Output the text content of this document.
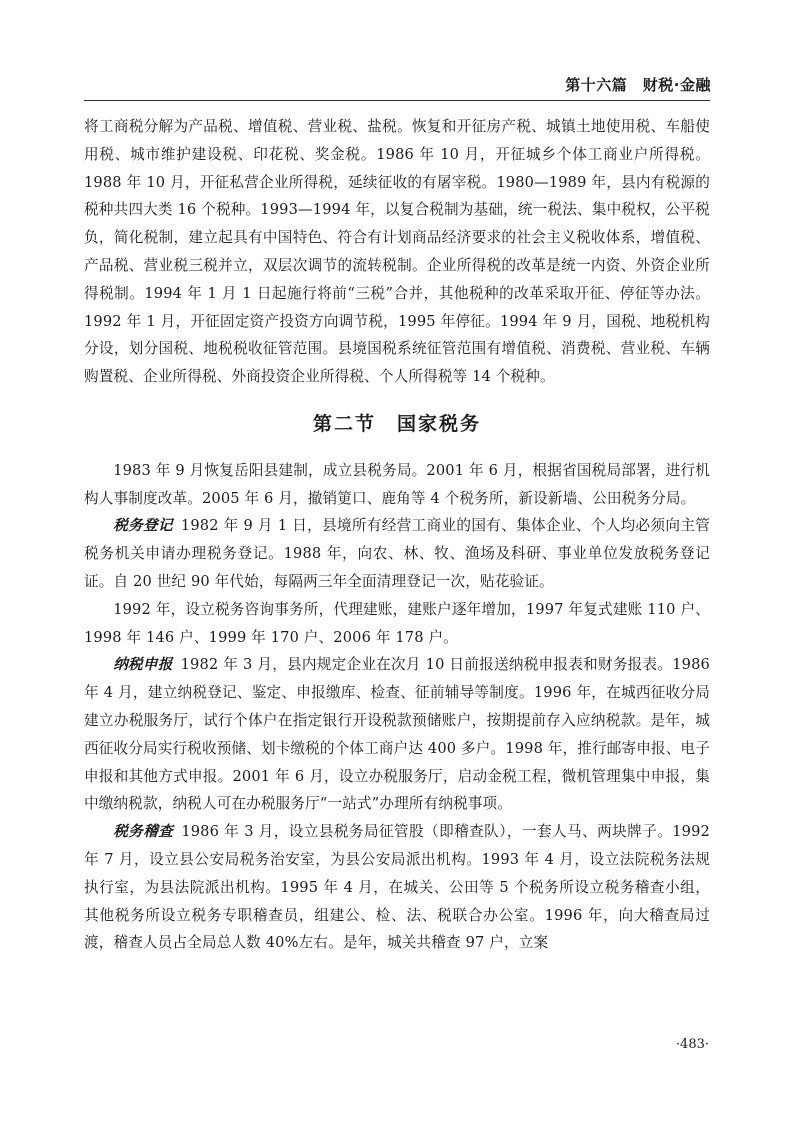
第十六篇　财税·金融

将工商税分解为产品税、增值税、营业税、盐税。恢复和开征房产税、城镇土地使用税、车船使用税、城市维护建设税、印花税、奖金税。1986 年 10 月，开征城乡个体工商业户所得税。1988 年 10 月，开征私营企业所得税，延续征收的有屠宰税。1980—1989 年，县内有税源的税种共四大类 16 个税种。1993—1994 年，以复合税制为基础，统一税法、集中税权，公平税负，简化税制，建立起具有中国特色、符合有计划商品经济要求的社会主义税收体系，增值税、产品税、营业税三税并立，双层次调节的流转税制。企业所得税的改革是统一内资、外资企业所得税制。1994 年 1 月 1 日起施行将前“三税”合并，其他税种的改革采取开征、停征等办法。1992 年 1 月，开征固定资产投资方向调节税，1995 年停征。1994 年 9 月，国税、地税机构分设，划分国税、地税税收征管范围。县境国税系统征管范围有增值税、消费税、营业税、车辆购置税、企业所得税、外商投资企业所得税、个人所得税等 14 个税种。

第二节　国家税务

1983 年 9 月恢复岳阳县建制，成立县税务局。2001 年 6 月，根据省国税局部署，进行机构人事制度改革。2005 年 6 月，撤销筻口、鹿角等 4 个税务所，新设新墙、公田税务分局。

税务登记 1982 年 9 月 1 日，县境所有经营工商业的国有、集体企业、个人均必须向主管税务机关申请办理税务登记。1988 年，向农、林、牧、渔场及科研、事业单位发放税务登记证。自 20 世纪 90 年代始，每隔两三年全面清理登记一次，贴花验证。

1992 年，设立税务咨询事务所，代理建账，建账户逐年增加，1997 年复式建账 110 户、1998 年 146 户、1999 年 170 户、2006 年 178 户。

纳税申报 1982 年 3 月，县内规定企业在次月 10 日前报送纳税申报表和财务报表。1986 年 4 月，建立纳税登记、鉴定、申报缴库、检查、征前辅导等制度。1996 年，在城西征收分局建立办税服务厅，试行个体户在指定银行开设税款预储账户，按期提前存入应纳税款。是年，城西征收分局实行税收预储、划卡缴税的个体工商户达 400 多户。1998 年，推行邮寄申报、电子申报和其他方式申报。2001 年 6 月，设立办税服务厅，启动金税工程，微机管理集中申报，集中缴纳税款，纳税人可在办税服务厅“一站式”办理所有纳税事项。

税务稽查 1986 年 3 月，设立县税务局征管股（即稽查队），一套人马、两块牌子。1992 年 7 月，设立县公安局税务治安室，为县公安局派出机构。1993 年 4 月，设立法院税务法规执行室，为县法院派出机构。1995 年 4 月，在城关、公田等 5 个税务所设立税务稽查小组，其他税务所设立税务专职稽查员，组建公、检、法、税联合办公室。1996 年，向大稽查局过渡，稽查人员占全局总人数 40%左右。是年，城关共稽查 97 户，立案

·483·
